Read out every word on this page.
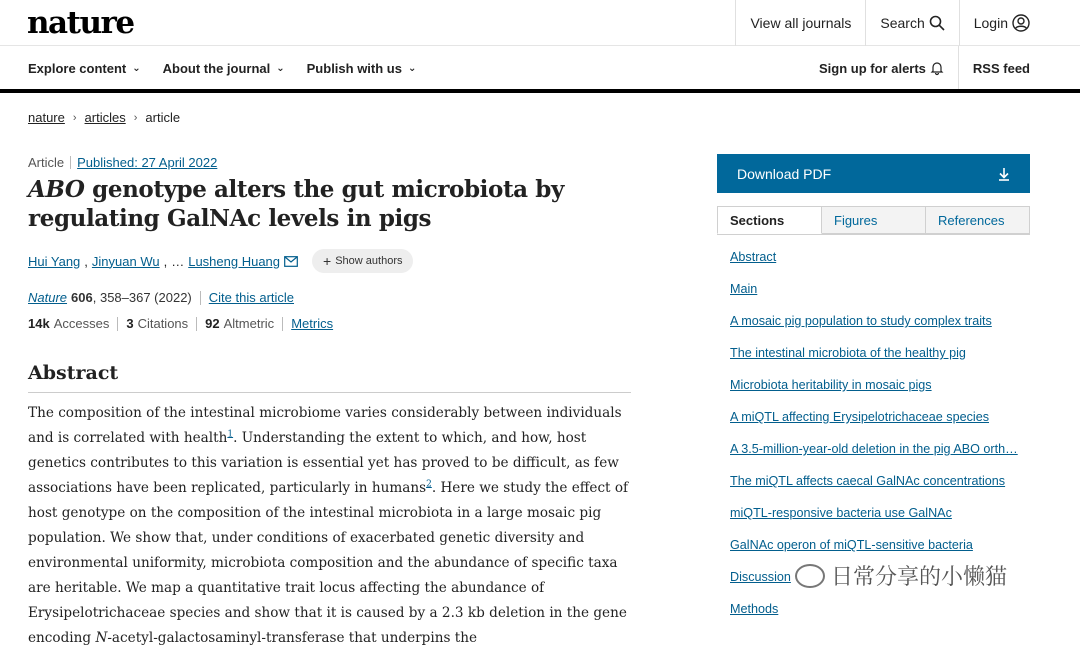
nature	View all journals Search	Login
Explore content ⌄ About the journal ⌄ Publish with us ⌄	Sign up for alerts	RSS feed
nature › articles › article
Article Published: 27 April 2022
ABO genotype alters the gut microbiota by regulating GalNAc levels in pigs
Hui Yang , Jinyuan Wu , … Lusheng Huang	+ Show authors
Nature 606 , 358–367 (2022) Cite this article
14k Accesses 3 Citations 92 Altmetric Metrics
Abstract

The composition of the intestinal microbiome varies considerably between individuals and is correlated with health$^1$. Understanding the extent to which, and how, host genetics contributes to this variation is essential yet has proved to be difficult, as few associations have been replicated, particularly in humans$^2$. Here we study the effect of host genotype on the composition of the intestinal microbiota in a large mosaic pig population. We show that, under conditions of exacerbated genetic diversity and environmental uniformity, microbiota composition and the abundance of specific taxa are heritable. We map a quantitative trait locus affecting the abundance of Erysipelotrichaceae species and show that it is caused by a 2.3 kb deletion in the gene encoding N-acetyl-galactosaminyl-transferase that underpins the

Download PDF
Sections	Figures	References
Abstract
Main
A mosaic pig population to study complex traits
The intestinal microbiota of the healthy pig
Microbiota heritability in mosaic pigs
A miQTL affecting Erysipelotrichaceae species
A 3.5-million-year-old deletion in the pig ABO orth…
The miQTL affects caecal GalNAc concentrations
miQTL-responsive bacteria use GalNAc
GalNAc operon of miQTL-sensitive bacteria
Discussion
Methods
日常分享的小懒猫
